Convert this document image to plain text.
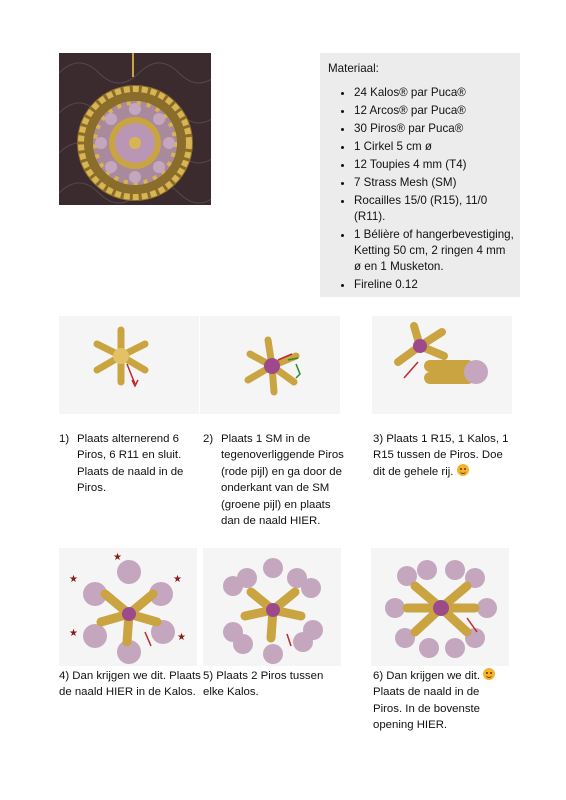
Materiaal:
• 24 Kalos® par Puca®
• 12 Arcos® par Puca®
• 30 Piros® par Puca®
• 1 Cirkel 5 cm ø
• 12 Toupies 4 mm (T4)
• 7 Strass Mesh (SM)
• Rocailles 15/0 (R15), 11/0 (R11).
• 1 Bélière of hangerbevestiging, Ketting 50 cm, 2 ringen 4 mm ø en 1 Musketon.
• Fireline 0.12
1) Plaats alternerend 6 Piros, 6 R11 en sluit. Plaats de naald in de Piros.
2) Plaats 1 SM in de tegenoverliggende Piros (rode pijl) en ga door de onderkant van de SM (groene pijl) en plaats dan de naald HIER.
3) Plaats 1 R15, 1 Kalos, 1 R15 tussen de Piros. Doe dit de gehele rij.
★
★	★
★	★
4) Dan krijgen we dit. Plaats de naald HIER in de Kalos.
5) Plaats 2 Piros tussen elke Kalos.
6) Dan krijgen we dit.
Plaats de naald in de Piros. In de bovenste opening HIER.
